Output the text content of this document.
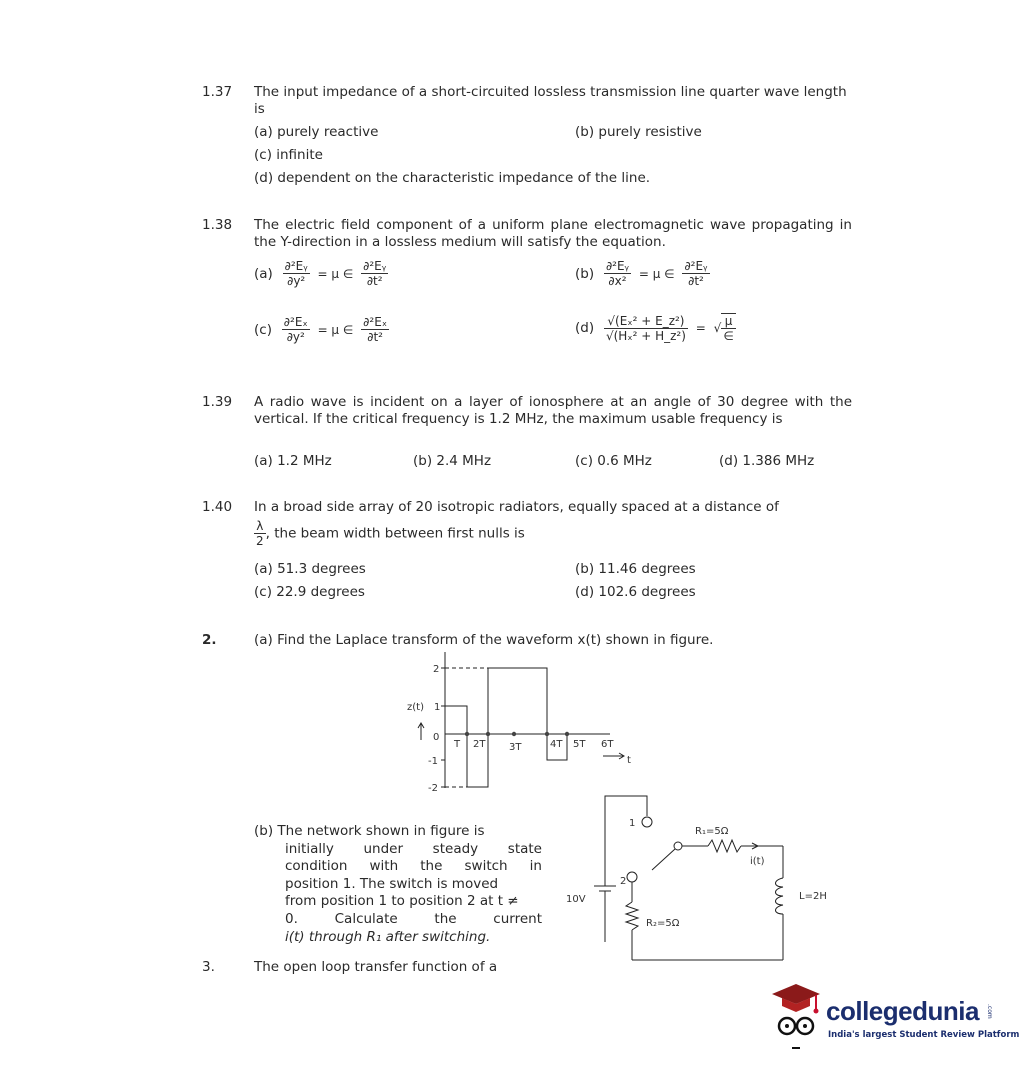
1.37 The input impedance of a short-circuited lossless transmission line quarter wave length is
(a) purely reactive	(b) purely resistive
(c) infinite
(d) dependent on the characteristic impedance of the line.
1.38 The electric field component of a uniform plane electromagnetic wave propagating in the Y-direction in a lossless medium will satisfy the equation.
$(a) \frac{\text{∂²Eᵧ}}{\text{∂y²}} = \mu$ ∈ $\frac{\text{∂²Eᵧ}}{\text{∂t²}}$	$(b) \frac{\text{∂²Eᵧ}}{\text{∂x²}} = \mu$ ∈ $\frac{\text{∂²Eᵧ}}{\text{∂t²}}$
$(c) \frac{\text{∂²Eₓ}}{\text{∂y²}} = \mu$ ∈ $\frac{\text{∂²Eₓ}}{\text{∂t²}}$	$(d) \frac{\text{√(Eₓ² + E\_z²)}}{\text{√(Hₓ² + H\_z²)}}$ = √ $\frac{\mu}{\in}$
1.39 A radio wave is incident on a layer of ionosphere at an angle of 30 degree with the vertical. If the critical frequency is 1.2 MHz, the maximum usable frequency is
(a) 1.2 MHz	(b) 2.4 MHz	(c) 0.6 MHz	(d) 1.386 MHz
1.40 In a broad side array of 20 isotropic radiators, equally spaced at a distance of
$\frac{\lambda}{2}$ , the beam width between first nulls is
(a) 51.3 degrees	(b) 11.46 degrees
(c) 22.9 degrees	(d) 102.6 degrees
2.	(a) Find the Laplace transform of the waveform x(t) shown in figure.
2
z(t) 1
0
-1
-2
T 2T 3T	4T 5T 6T
t
(b) The network shown in figure is
initially under steady state
condition with the switch in
position 1. The switch is moved
from position 1 to position 2 at t ≠
0. Calculate the current
i(t) through R₁ after switching.
1
2
10V
R₁=5Ω
R₂=5Ω
i(t)
L=2H
3.	The open loop transfer function of a
collegedunia .com
India's largest Student Review Platform
